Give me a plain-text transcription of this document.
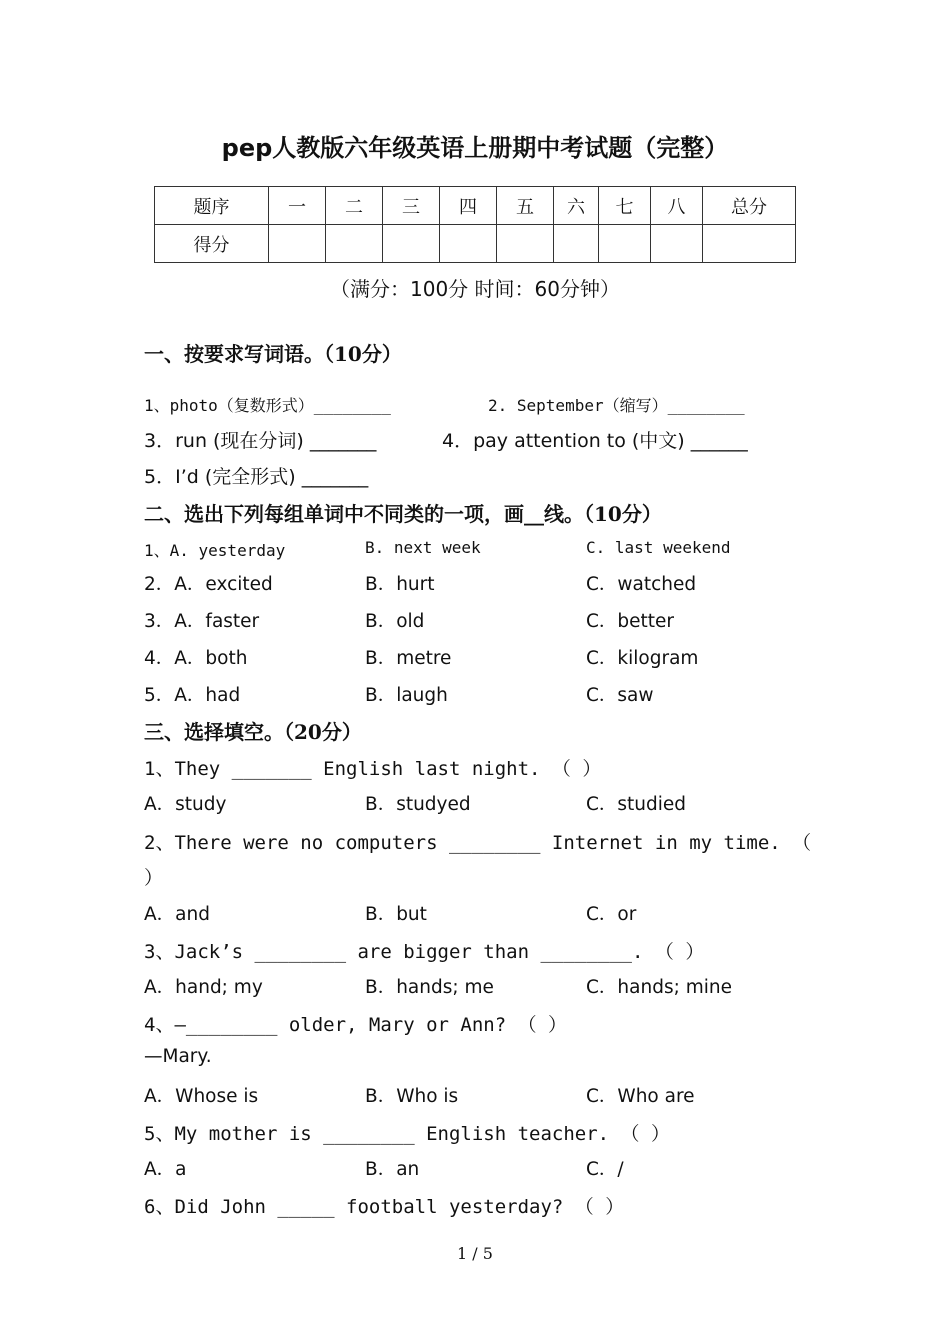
pep人教版六年级英语上册期中考试题（完整）
题序	一	二	三	四	五	六	七	八	总分
得分									
（满分：100分 时间：60分钟）
一、按要求写词语。（10分）
1、photo（复数形式）________	2. September（缩写）________
3．run (现在分词) _______	4．pay attention to (中文) ______
5．I’d (完全形式) _______
二、选出下列每组单词中不同类的一项，画__线。（10分）
1、A. yesterday	B. next week	C. last weekend
2．A．excited	B．hurt	C．watched
3．A．faster	B．old	C．better
4．A．both	B．metre	C．kilogram
5．A．had	B．laugh	C．saw
三、选择填空。（20分）
1、They _______ English last night. （ ）
A．study	B．studyed	C．studied
2、There were no computers ________ Internet in my time. （
）
A．and	B．but	C．or
3、Jack’s ________ are bigger than ________. （ ）
A．hand; my	B．hands; me	C．hands; mine
4、—________ older, Mary or Ann? （ ）
—Mary.
A．Whose is	B．Who is	C．Who are
5、My mother is ________ English teacher. （ ）
A．a	B．an	C．/
6、Did John _____ football yesterday? （ ）
1 / 5
